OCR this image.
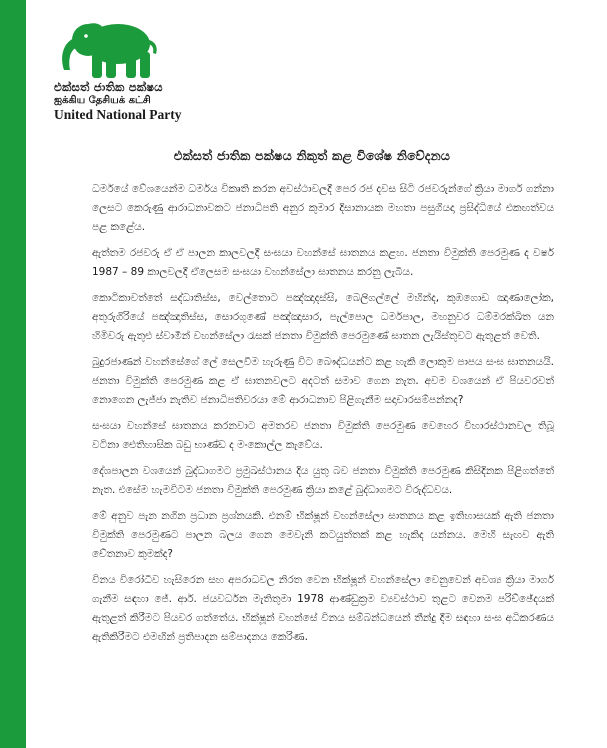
එක්සත් ජාතික පක්ෂය
ஐக்கிய தேசியக் கட்சி
United National Party
එක්සත් ජාතික පක්ෂය නිකුත් කළ විශේෂ නිවේදනය

ධර්මයේ වේශයෙන්ම ධර්මය විකෘති කරන අවස්ථාවලදී පෙර රජ දවස සිටි රජවරුන්ගේ ක්‍රියා මාර්ග ගන්නා ලෙසට කෙරුණු ආරාධනාවකට ජනාධිපති අනුර කුමාර දිසානායක මහතා පසුගියදා ප්‍රසිද්ධියේ එකඟත්වය පළ කළේය.

ඇත්තම රජවරු ඒ ඒ පාලන කාලවලදී සංඝයා වහන්සේ ඝාතනය කළහ. ජනතා විමුක්ති පෙරමුණ ද වර්ෂ 1987 – 89 කාලවලදී ඒලෙසම සංඝයා වහන්සේලා ඝාතනය කරනු ලැබීය.

කොටිකාවත්තේ සද්ධාතිස්ස, වෙල්තොට පඤ්ඤාදස්සි, බෙලිගල්ලේ මහින්ද, කුඹගොඩ ඤාණාලෝක, අතුරුගිරියේ පඤ්ඤාතිස්ස, සොරගුණේ පඤ්ඤාසාර, පැල්පොල ධර්මපාල, මහනුවර ධම්මරක්ඛිත යන හිමිවරු ඇතුළු ස්වාමීන් වහන්සේලා රැසක් ජනතා විමුක්ති පෙරමුණේ ඝාතන ලැයිස්තුවට ඇතුළත් වෙති.

බුදුරජාණන් වහන්සේගේ ලේ සෙලවීම හැරුණු විට බෞද්ධයන්ට කළ හැකි ලොකුම පාපය සංඝ ඝාතනයයි. ජනතා විමුක්ති පෙරමුණ කළ ඒ ඝාතනවලට අදටත් සමාව ගෙන නැත. අවම වශයෙන් ඒ පියවරවත් නොගෙන ලැජ්ජා නැතිව ජනාධිපතිවරයා මේ ආරාධනාව පිළිගැනීම සදාචාරසම්පන්නද?

සංඝයා වහන්සේ ඝාතනය කරනවාට අමතරව ජනතා විමුක්ති පෙරමුණ වෙහෙර විහාරස්ථානවල තිබූ වටිනා ඓතිහාසික බඩු භාණ්ඩ ද මංකොල්ල කැවේය.

දේශපාලන වශයෙන් බුද්ධාගමට ප්‍රමුඛස්ථානය දිය යුතු බව ජනතා විමුක්ති පෙරමුණ කිසිදිනක පිළිගත්තේ නැත. එසේම හැමවිටම ජනතා විමුක්ති පෙරමුණ ක්‍රියා කළේ බුද්ධාගමට විරුද්ධවය.

මේ අනුව පැන නගින ප්‍රධාන ප්‍රශ්නයකි. එනම් භික්ෂූන් වහන්සේලා ඝාතනය කළ ඉතිහාසයක් ඇති ජනතා විමුක්ති පෙරමුණට පාලන බලය ගෙන මෙවැනි කටයුත්තක් කළ හැකිද යන්නය. මෙහි සැඟව ඇති චේතනාව කුමක්ද?

විනය විරෝධීව හැසිරෙන සහ අපරාධවල නිරත වෙන භික්ෂූන් වහන්සේලා වෙනුවෙන් අවශ්‍ය ක්‍රියා මාර්ග ගැනීම සඳහා ජේ. ආර්. ජයවර්ධන මැතිතුමා 1978 ආණ්ඩුක්‍රම ව්‍යවස්ථාව තුළට වෙනම පරිච්ඡේදයක් ඇතුළත් කිරීමට පියවර ගත්තේය. භික්ෂූන් වහන්සේ විනය සම්බන්ධයෙන් තීන්දු දීම සඳහා සංඝ අධිකරණය ඇතිකිරීමට එමඟින් ප්‍රතිපාදන සම්පාදනය කෙරිණ.
